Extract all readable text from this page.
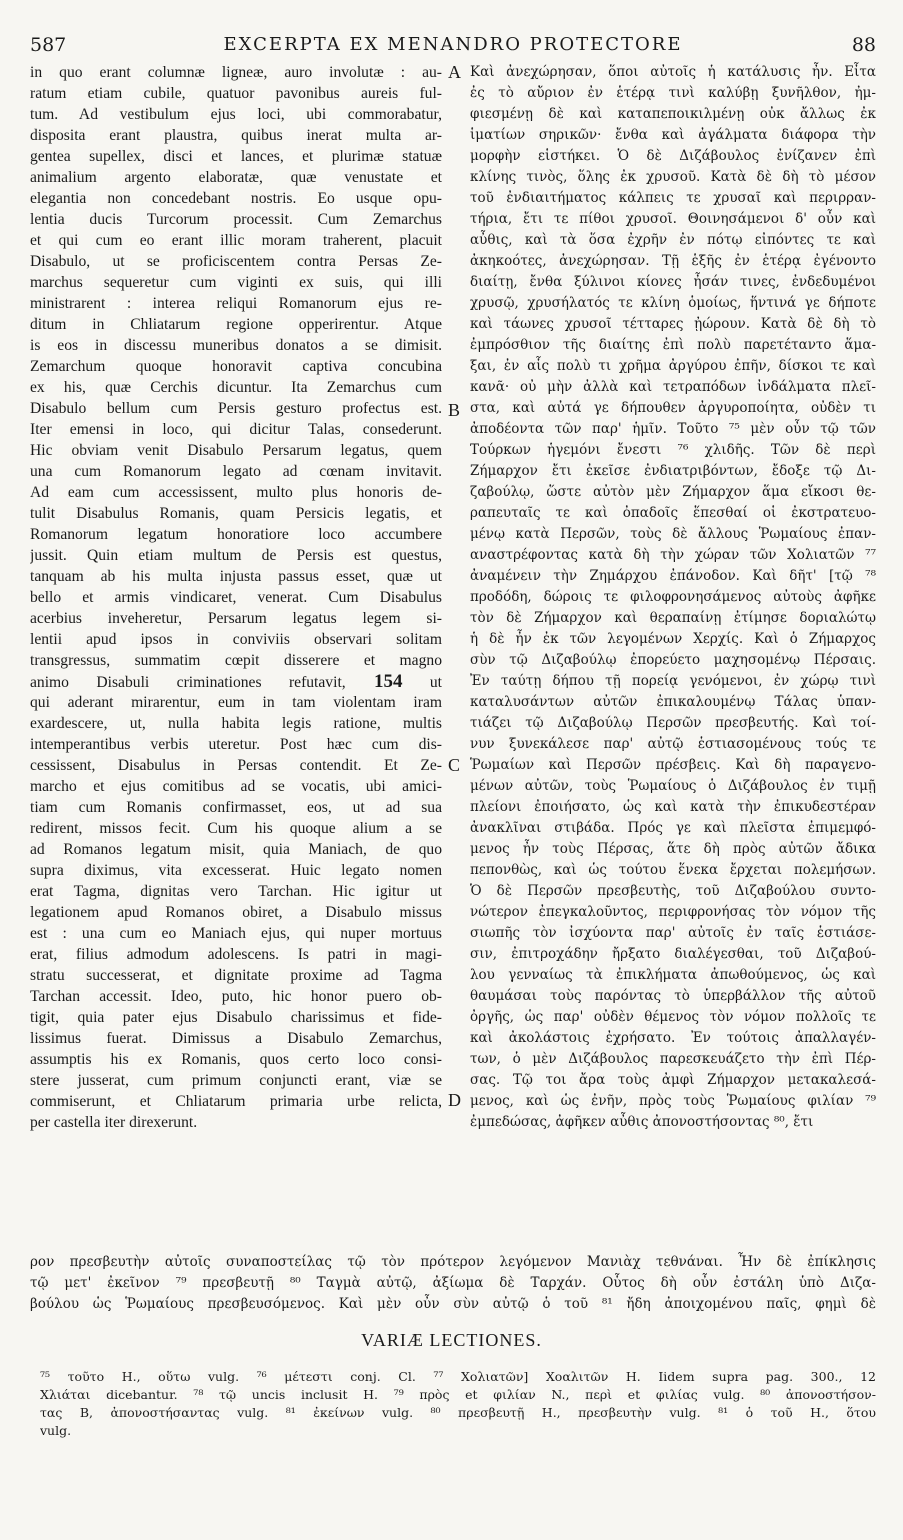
587	EXCERPTA EX MENANDRO PROTECTORE	88
in quo erant columnæ ligneæ, auro involutæ : au-
ratum etiam cubile, quatuor pavonibus aureis ful-
tum. Ad vestibulum ejus loci, ubi commorabatur,
disposita erant plaustra, quibus inerat multa ar-
gentea supellex, disci et lances, et plurimæ statuæ
animalium argento elaboratæ, quæ venustate et
elegantia non concedebant nostris. Eo usque opu-
lentia ducis Turcorum processit. Cum Zemarchus
et qui cum eo erant illic moram traherent, placuit
Disabulo, ut se proficiscentem contra Persas Ze-
marchus sequeretur cum viginti ex suis, qui illi
ministrarent : interea reliqui Romanorum ejus re-
ditum in Chliatarum regione opperirentur. Atque
is eos in discessu muneribus donatos a se dimisit.
Zemarchum quoque honoravit captiva concubina
ex his, quæ Cerchis dicuntur. Ita Zemarchus cum
Disabulo bellum cum Persis gesturo profectus est.
Iter emensi in loco, qui dicitur Talas, consederunt.
Hic obviam venit Disabulo Persarum legatus, quem
una cum Romanorum legato ad cœnam invitavit.
Ad eam cum accessissent, multo plus honoris de-
tulit Disabulus Romanis, quam Persicis legatis, et
Romanorum legatum honoratiore loco accumbere
jussit. Quin etiam multum de Persis est questus,
tanquam ab his multa injusta passus esset, quæ ut
bello et armis vindicaret, venerat. Cum Disabulus
acerbius inveheretur, Persarum legatus legem si-
lentii apud ipsos in conviviis observari solitam
transgressus, summatim cœpit disserere et magno
animo Disabuli criminationes refutavit, 154 ut
qui aderant mirarentur, eum in tam violentam iram
exardescere, ut, nulla habita legis ratione, multis
intemperantibus verbis uteretur. Post hæc cum dis-
cessissent, Disabulus in Persas contendit. Et Ze-
marcho et ejus comitibus ad se vocatis, ubi amici-
tiam cum Romanis confirmasset, eos, ut ad sua
redirent, missos fecit. Cum his quoque alium a se
ad Romanos legatum misit, quia Maniach, de quo
supra diximus, vita excesserat. Huic legato nomen
erat Tagma, dignitas vero Tarchan. Hic igitur ut
legationem apud Romanos obiret, a Disabulo missus
est : una cum eo Maniach ejus, qui nuper mortuus
erat, filius admodum adolescens. Is patri in magi-
stratu successerat, et dignitate proxime ad Tagma
Tarchan accessit. Ideo, puto, hic honor puero ob-
tigit, quia pater ejus Disabulo charissimus et fide-
lissimus fuerat. Dimissus a Disabulo Zemarchus,
assumptis his ex Romanis, quos certo loco consi-
stere jusserat, cum primum conjuncti erant, viæ se
commiserunt, et Chliatarum primaria urbe relicta,
per castella iter direxerunt.
A
B
C
D
Καὶ ἀνεχώρησαν, ὅποι αὐτοῖς ἡ κατάλυσις ἦν. Εἶτα
ἐς τὸ αὔριον ἐν ἑτέρᾳ τινὶ καλύβῃ ξυνῆλθον, ἠμ-
φιεσμένῃ δὲ καὶ καταπεποικιλμένῃ οὐκ ἄλλως ἐκ
ἱματίων σηρικῶν· ἔνθα καὶ ἀγάλματα διάφορα τὴν
μορφὴν εἱστήκει. Ὁ δὲ Διζάβουλος ἐνίζανεν ἐπὶ
κλίνης τινὸς, ὅλης ἐκ χρυσοῦ. Κατὰ δὲ δὴ τὸ μέσον
τοῦ ἐνδιαιτήματος κάλπεις τε χρυσαῖ καὶ περιρραν-
τήρια, ἔτι τε πίθοι χρυσοῖ. Θοινησάμενοι δ' οὖν καὶ
αὖθις, καὶ τὰ ὅσα ἐχρῆν ἐν πότῳ εἰπόντες τε καὶ
ἀκηκοότες, ἀνεχώρησαν. Τῇ ἑξῆς ἐν ἑτέρᾳ ἐγένοντο
διαίτῃ, ἔνθα ξύλινοι κίονες ἦσάν τινες, ἐνδεδυμένοι
χρυσῷ, χρυσήλατός τε κλίνη ὁμοίως, ἥντινά γε δήποτε
καὶ τάωνες χρυσοῖ τέτταρες ᾐώρουν. Κατὰ δὲ δὴ τὸ
ἐμπρόσθιον τῆς διαίτης ἐπὶ πολὺ παρετέταντο ἅμα-
ξαι, ἐν αἷς πολὺ τι χρῆμα ἀργύρου ἐπῆν, δίσκοι τε καὶ
κανᾶ· οὐ μὴν ἀλλὰ καὶ τετραπόδων ἰνδάλματα πλεῖ-
στα, καὶ αὐτά γε δήπουθεν ἀργυροποίητα, οὐδὲν τι
ἀποδέοντα τῶν παρ' ἡμῖν. Τοῦτο ⁷⁵ μὲν οὖν τῷ τῶν
Τούρκων ἡγεμόνι ἔνεστι ⁷⁶ χλιδῆς. Τῶν δὲ περὶ
Ζήμαρχον ἔτι ἐκεῖσε ἐνδιατριβόντων, ἔδοξε τῷ Δι-
ζαβούλῳ, ὥστε αὐτὸν μὲν Ζήμαρχον ἅμα εἴκοσι θε-
ραπευταῖς τε καὶ ὀπαδοῖς ἕπεσθαί οἱ ἐκστρατευο-
μένῳ κατὰ Περσῶν, τοὺς δὲ ἄλλους Ῥωμαίους ἐπαν-
αναστρέφοντας κατὰ δὴ τὴν χώραν τῶν Χολιατῶν ⁷⁷
ἀναμένειν τὴν Ζημάρχου ἐπάνοδον. Καὶ δῆτ' [τῷ ⁷⁸
προδόδη, δώροις τε φιλοφρονησάμενος αὐτοὺς ἀφῆκε
τὸν δὲ Ζήμαρχον καὶ θεραπαίνῃ ἐτίμησε δοριαλώτῳ
ἡ δὲ ἦν ἐκ τῶν λεγομένων Χερχίς. Καὶ ὁ Ζήμαρχος
σὺν τῷ Διζαβούλῳ ἐπορεύετο μαχησομένῳ Πέρσαις.
Ἐν ταύτῃ δήπου τῇ πορείᾳ γενόμενοι, ἐν χώρῳ τινὶ
καταλυσάντων αὐτῶν ἐπικαλουμένῳ Τάλας ὑπαν-
τιάζει τῷ Διζαβούλῳ Περσῶν πρεσβευτής. Καὶ τοί-
νυν ξυνεκάλεσε παρ' αὐτῷ ἑστιασομένους τούς τε
Ῥωμαίων καὶ Περσῶν πρέσβεις. Καὶ δὴ παραγενο-
μένων αὐτῶν, τοὺς Ῥωμαίους ὁ Διζάβουλος ἐν τιμῇ
πλείονι ἐποιήσατο, ὡς καὶ κατὰ τὴν ἐπικυδεστέραν
ἀνακλῖναι στιβάδα. Πρός γε καὶ πλεῖστα ἐπιμεμφό-
μενος ἦν τοὺς Πέρσας, ἅτε δὴ πρὸς αὐτῶν ἄδικα
πεπονθὼς, καὶ ὡς τούτου ἕνεκα ἔρχεται πολεμήσων.
Ὁ δὲ Περσῶν πρεσβευτὴς, τοῦ Διζαβούλου συντο-
νώτερον ἐπεγκαλοῦντος, περιφρονήσας τὸν νόμον τῆς
σιωπῆς τὸν ἰσχύοντα παρ' αὐτοῖς ἐν ταῖς ἑστιάσε-
σιν, ἐπιτροχάδην ἤρξατο διαλέγεσθαι, τοῦ Διζαβού-
λου γενναίως τὰ ἐπικλήματα ἀπωθούμενος, ὡς καὶ
θαυμάσαι τοὺς παρόντας τὸ ὑπερβάλλον τῆς αὐτοῦ
ὀργῆς, ὡς παρ' οὐδὲν θέμενος τὸν νόμον πολλοῖς τε
καὶ ἀκολάστοις ἐχρήσατο. Ἐν τούτοις ἀπαλλαγέν-
των, ὁ μὲν Διζάβουλος παρεσκευάζετο τὴν ἐπὶ Πέρ-
σας. Τῷ τοι ἄρα τοὺς ἀμφὶ Ζήμαρχον μετακαλεσά-
μενος, καὶ ὡς ἐνῆν, πρὸς τοὺς Ῥωμαίους φιλίαν ⁷⁹
ἐμπεδώσας, ἀφῆκεν αὖθις ἀπονοστήσοντας ⁸⁰, ἔτι
ρον πρεσβευτὴν αὐτοῖς συναποστείλας τῷ τὸν πρότερον λεγόμενον Μανιὰχ τεθνάναι. Ἦν δὲ ἐπίκλησις
τῷ μετ' ἐκεῖνον ⁷⁹ πρεσβευτῇ ⁸⁰ Ταγμὰ αὐτῷ, ἀξίωμα δὲ Ταρχάν. Οὗτος δὴ οὖν ἐστάλη ὑπὸ Διζα-
βούλου ὡς Ῥωμαίους πρεσβευσόμενος. Καὶ μὲν οὖν σὺν αὐτῷ ὁ τοῦ ⁸¹ ἤδη ἀποιχομένου παῖς, φημὶ δὲ
VARIÆ LECTIONES.
⁷⁵ τοῦτο H., οὕτω vulg. ⁷⁶ μέτεστι conj. Cl. ⁷⁷ Χολιατῶν] Χοαλιτῶν H. Iidem supra pag. 300., 12
Χλιάται dicebantur. ⁷⁸ τῷ uncis inclusit H. ⁷⁹ πρὸς et φιλίαν N., περὶ et φιλίας vulg. ⁸⁰ ἀπονοστήσον-
τας B, ἀπονοστήσαντας vulg. ⁸¹ ἐκείνων vulg. ⁸⁰ πρεσβευτῇ H., πρεσβευτὴν vulg. ⁸¹ ὁ τοῦ H., ὅτου
vulg.
